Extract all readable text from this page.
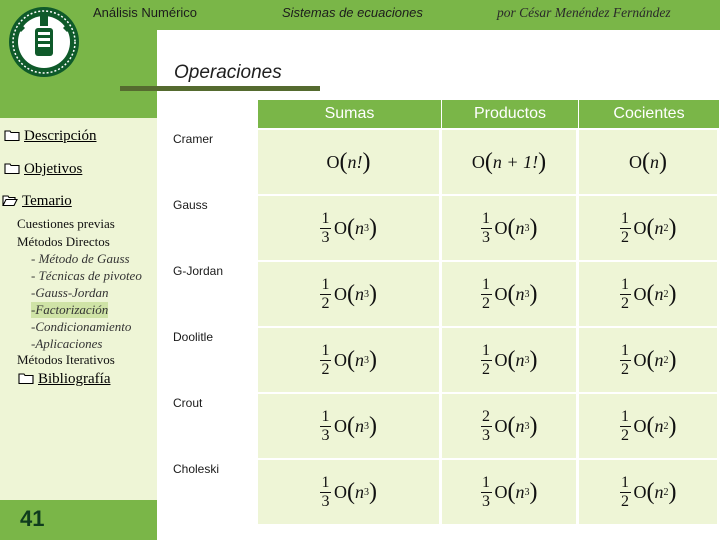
Análisis Numérico	Sistemas de ecuaciones	por César Menéndez Fernández
Operaciones
Descripción
Objetivos
Temario
Cuestiones previas
Métodos Directos
- Método de Gauss
- Técnicas de pivoteo
-Gauss-Jordan
-Factorización
-Condicionamiento
-Aplicaciones
Métodos Iterativos
Bibliografía
41
Sumas	Productos	Cocientes
Cramer
O ( n! )	O ( n + 1! )	O ( n )
Gauss
$\frac{1}{3}$ O ( n 3 )	$\frac{1}{3}$ O ( n 3 )	$\frac{1}{2}$ O ( n 2 )
G-Jordan
$\frac{1}{2}$ O ( n 3 )	$\frac{1}{2}$ O ( n 3 )	$\frac{1}{2}$ O ( n 2 )
Doolitle
$\frac{1}{2}$ O ( n 3 )	$\frac{1}{2}$ O ( n 3 )	$\frac{1}{2}$ O ( n 2 )
Crout
$\frac{1}{3}$ O ( n 3 )	$\frac{2}{3}$ O ( n 3 )	$\frac{1}{2}$ O ( n 2 )
Choleski
$\frac{1}{3}$ O ( n 3 )	$\frac{1}{3}$ O ( n 3 )	$\frac{1}{2}$ O ( n 2 )
